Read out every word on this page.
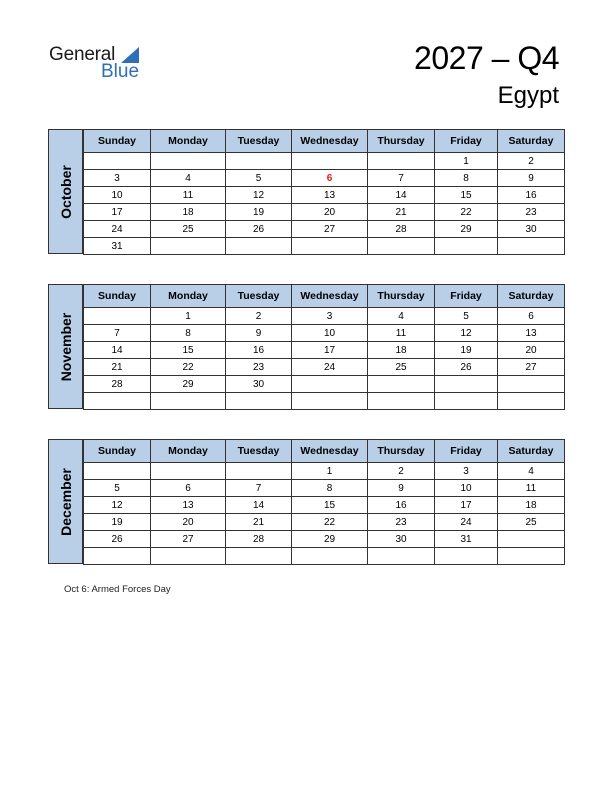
General
Blue	2027 – Q4
Egypt
October
Sunday	Monday	Tuesday	Wednesday	Thursday	Friday	Saturday
					1	2
3	4	5	6	7	8	9
10	11	12	13	14	15	16
17	18	19	20	21	22	23
24	25	26	27	28	29	30
31						
November
Sunday	Monday	Tuesday	Wednesday	Thursday	Friday	Saturday
	1	2	3	4	5	6
7	8	9	10	11	12	13
14	15	16	17	18	19	20
21	22	23	24	25	26	27
28	29	30				

December
Sunday	Monday	Tuesday	Wednesday	Thursday	Friday	Saturday
			1	2	3	4
5	6	7	8	9	10	11
12	13	14	15	16	17	18
19	20	21	22	23	24	25
26	27	28	29	30	31	

Oct 6: Armed Forces Day
